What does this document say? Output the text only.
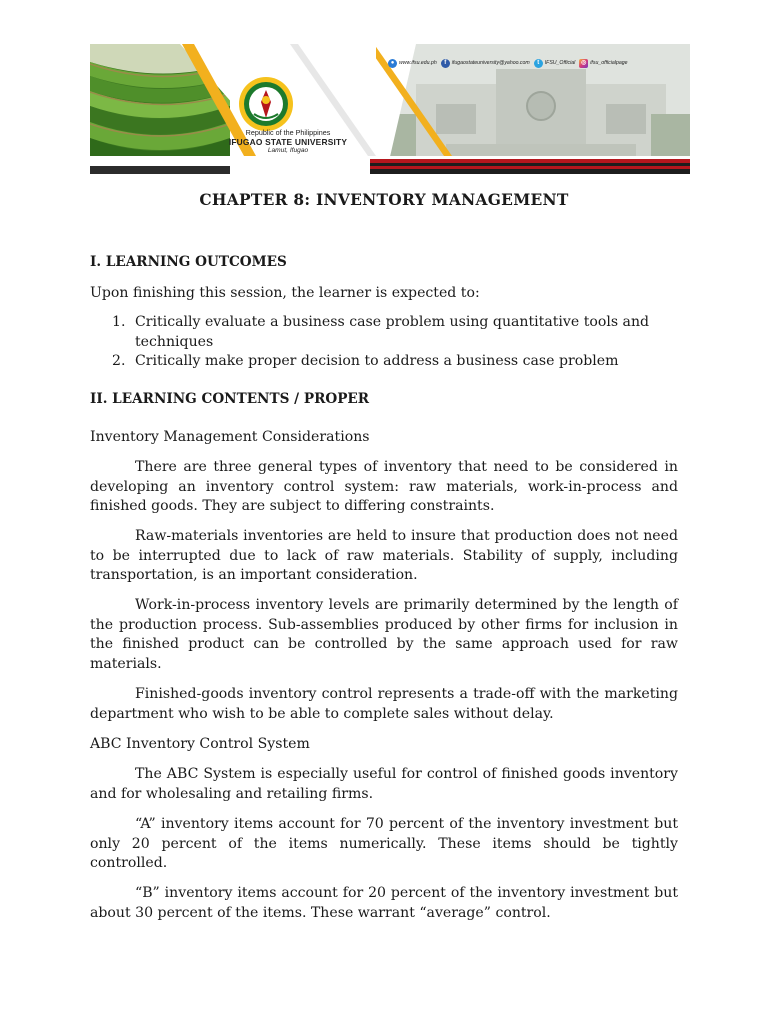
Republic of the Philippines
IFUGAO STATE UNIVERSITY
Lamut, Ifugao
● www.ifsu.edu.ph	f	ifugaostateuniversity@yahoo.com	t	IFSU_Official ◎ ifsu_officialpage
CHAPTER 8: INVENTORY MANAGEMENT
I. LEARNING OUTCOMES
Upon finishing this session, the learner is expected to:
1. Critically evaluate a business case problem using quantitative tools and techniques
2. Critically make proper decision to address a business case problem
II. LEARNING CONTENTS / PROPER
Inventory Management Considerations
There are three general types of inventory that need to be considered in developing an inventory control system: raw materials, work-in-process and finished goods. They are subject to differing constraints.
Raw-materials inventories are held to insure that production does not need to be interrupted due to lack of raw materials. Stability of supply, including transportation, is an important consideration.
Work-in-process inventory levels are primarily determined by the length of the production process. Sub-assemblies produced by other firms for inclusion in the finished product can be controlled by the same approach used for raw materials.
Finished-goods inventory control represents a trade-off with the marketing department who wish to be able to complete sales without delay.
ABC Inventory Control System
The ABC System is especially useful for control of finished goods inventory and for wholesaling and retailing firms.
“A” inventory items account for 70 percent of the inventory investment but only 20 percent of the items numerically. These items should be tightly controlled.
“B” inventory items account for 20 percent of the inventory investment but about 30 percent of the items. These warrant “average” control.
